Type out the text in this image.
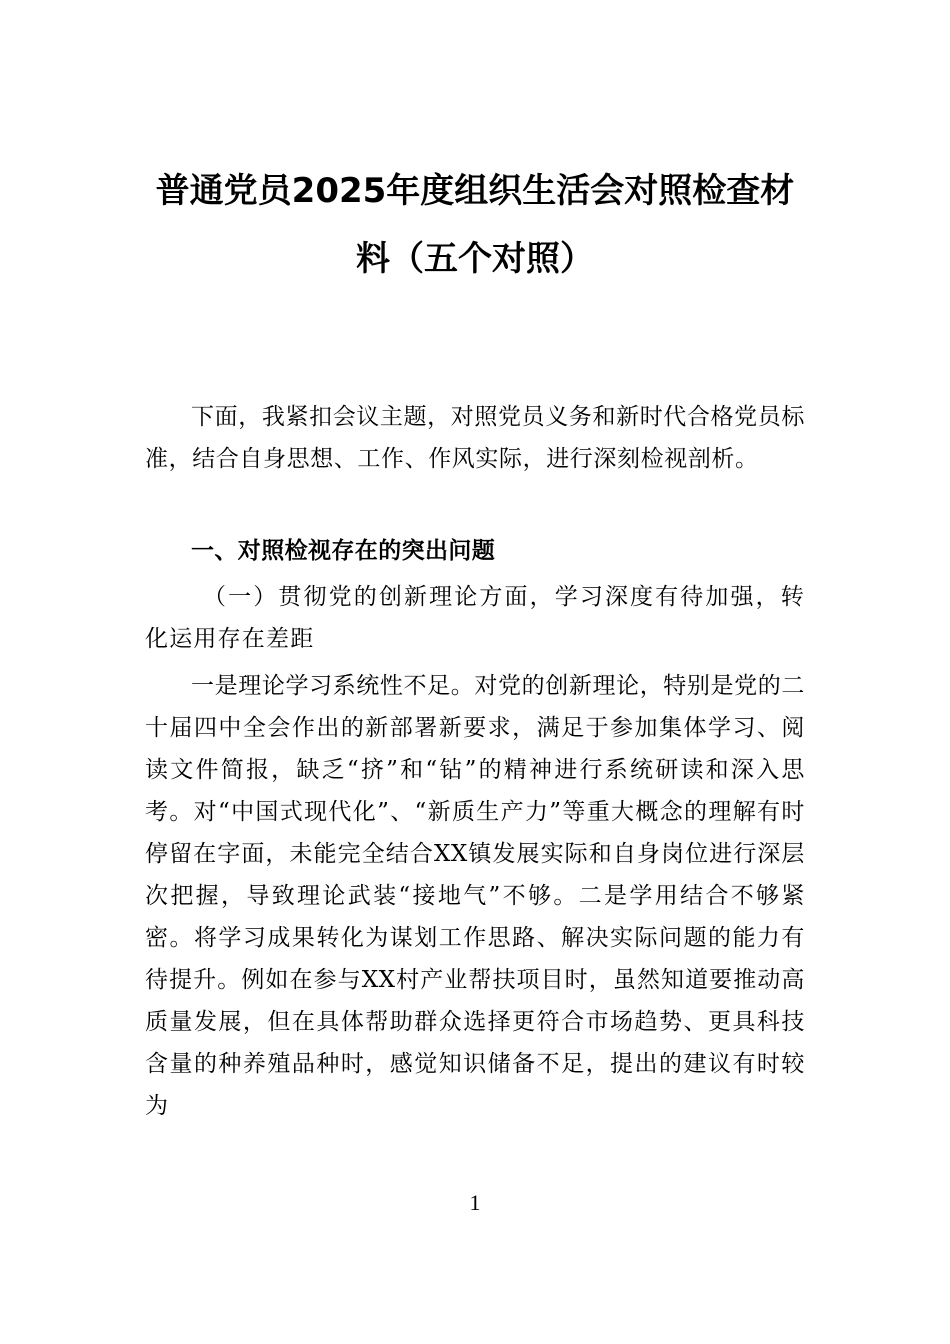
普通党员2025年度组织生活会对照检查材
料（五个对照）

下面，我紧扣会议主题，对照党员义务和新时代合格党员标准，结合自身思想、工作、作风实际，进行深刻检视剖析。

一、对照检视存在的突出问题

（一）贯彻党的创新理论方面，学习深度有待加强，转化运用存在差距

一是理论学习系统性不足。对党的创新理论，特别是党的二十届四中全会作出的新部署新要求，满足于参加集体学习、阅读文件简报，缺乏“挤”和“钻”的精神进行系统研读和深入思考。对“中国式现代化”、“新质生产力”等重大概念的理解有时停留在字面，未能完全结合XX镇发展实际和自身岗位进行深层次把握，导致理论武装“接地气”不够。二是学用结合不够紧密。将学习成果转化为谋划工作思路、解决实际问题的能力有待提升。例如在参与XX村产业帮扶项目时，虽然知道要推动高质量发展，但在具体帮助群众选择更符合市场趋势、更具科技含量的种养殖品种时，感觉知识储备不足，提出的建议有时较为

1
